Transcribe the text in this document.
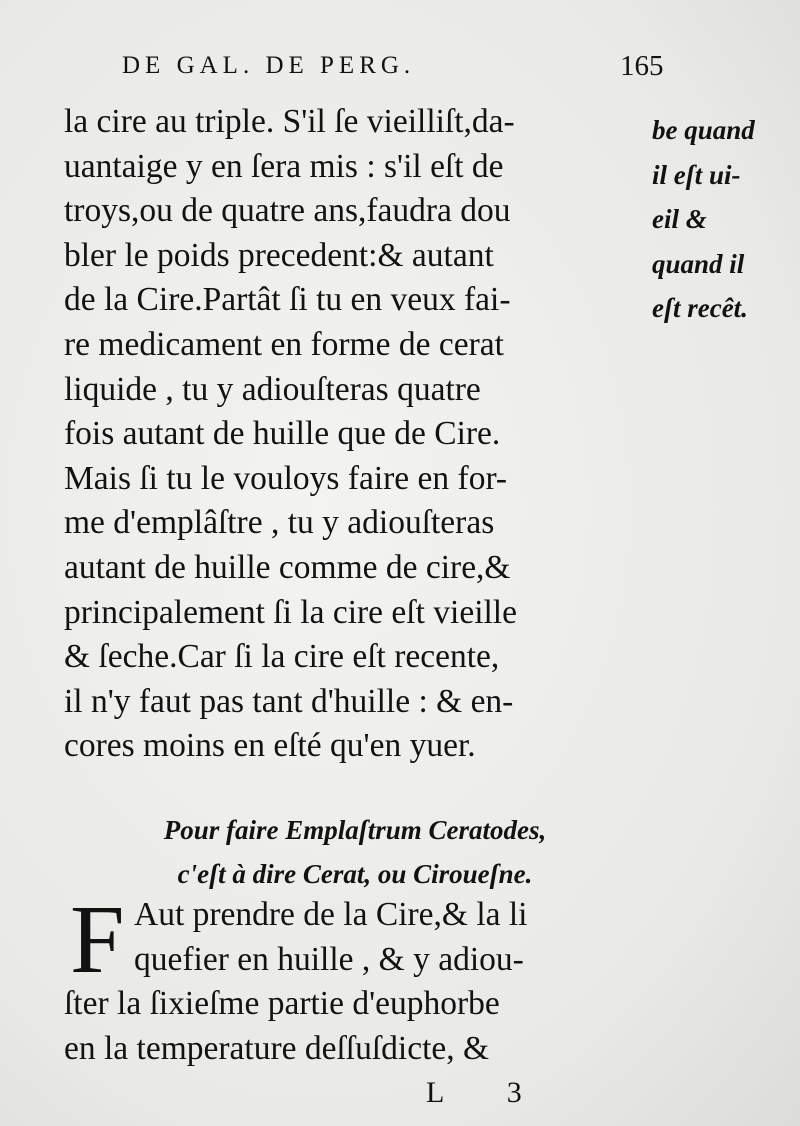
DE GAL. DE PERG.	165
la cire au triple. S'il ſe vieilliſt,da-
uantaige y en ſera mis : s'il eſt de
troys,ou de quatre ans,faudra dou
bler le poids precedent:& autant
de la Cire.Partât ſi tu en veux fai-
re medicament en forme de cerat
liquide , tu y adiouſteras quatre
fois autant de huille que de Cire.
Mais ſi tu le vouloys faire en for-
me d'emplâſtre , tu y adiouſteras
autant de huille comme de cire,&
principalement ſi la cire eſt vieille
& ſeche.Car ſi la cire eſt recente,
il n'y faut pas tant d'huille : & en-
cores moins en eſté qu'en yuer.
be quand
il eſt ui-
eil &
quand il
eſt recêt.
Pour faire Emplaſtrum Ceratodes,
c'eſt à dire Cerat, ou Ciroueſne.
F Aut prendre de la Cire,& la li
quefier en huille , & y adiou-
ſter la ſixieſme partie d'euphorbe
en la temperature deſſuſdicte, &
L 3
